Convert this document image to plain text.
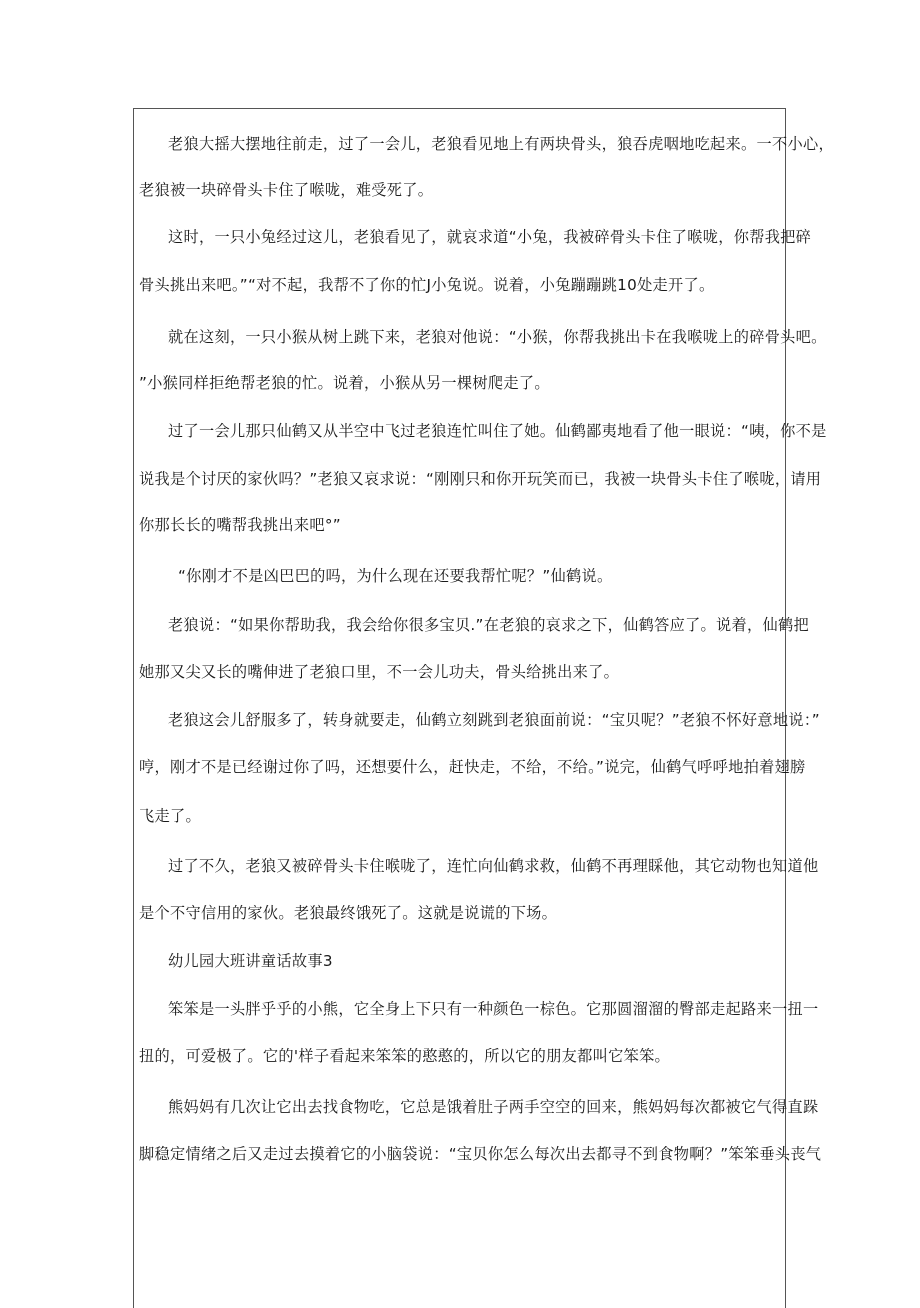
老狼大摇大摆地往前走，过了一会儿，老狼看见地上有两块骨头，狼吞虎咽地吃起来。一不小心，
老狼被一块碎骨头卡住了喉咙，难受死了。
这时，一只小兔经过这儿，老狼看见了，就哀求道“小兔，我被碎骨头卡住了喉咙，你帮我把碎
骨头挑出来吧。”“对不起，我帮不了你的忙J小兔说。说着，小兔蹦蹦跳10处走开了。
就在这刻，一只小猴从树上跳下来，老狼对他说：“小猴，你帮我挑出卡在我喉咙上的碎骨头吧。
”小猴同样拒绝帮老狼的忙。说着，小猴从另一棵树爬走了。
过了一会儿那只仙鹤又从半空中飞过老狼连忙叫住了她。仙鹤鄙夷地看了他一眼说：“咦，你不是
说我是个讨厌的家伙吗？”老狼又哀求说：“刚刚只和你开玩笑而已，我被一块骨头卡住了喉咙，请用
你那长长的嘴帮我挑出来吧°”
“你刚才不是凶巴巴的吗，为什么现在还要我帮忙呢？”仙鹤说。
老狼说：“如果你帮助我，我会给你很多宝贝.”在老狼的哀求之下，仙鹤答应了。说着，仙鹤把
她那又尖又长的嘴伸进了老狼口里，不一会儿功夫，骨头给挑出来了。
老狼这会儿舒服多了，转身就要走，仙鹤立刻跳到老狼面前说：“宝贝呢？”老狼不怀好意地说：”
哼，刚才不是已经谢过你了吗，还想要什么，赶快走，不给，不给。”说完，仙鹤气呼呼地拍着翅膀
飞走了。
过了不久，老狼又被碎骨头卡住喉咙了，连忙向仙鹤求救，仙鹤不再理睬他，其它动物也知道他
是个不守信用的家伙。老狼最终饿死了。这就是说谎的下场。
幼儿园大班讲童话故事3
笨笨是一头胖乎乎的小熊，它全身上下只有一种颜色一棕色。它那圆溜溜的臀部走起路来一扭一
扭的，可爱极了。它的'样子看起来笨笨的憨憨的，所以它的朋友都叫它笨笨。
熊妈妈有几次让它出去找食物吃，它总是饿着肚子两手空空的回来，熊妈妈每次都被它气得直跺
脚稳定情绪之后又走过去摸着它的小脑袋说：“宝贝你怎么每次出去都寻不到食物啊？”笨笨垂头丧气
